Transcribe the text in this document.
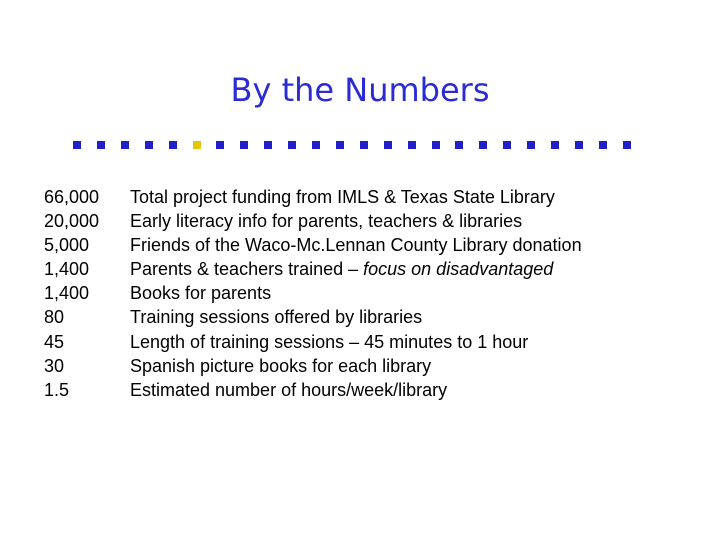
By the Numbers
66,000	Total project funding from IMLS & Texas State Library
20,000	Early literacy info for parents, teachers & libraries
5,000	Friends of the Waco-Mc.Lennan County Library donation
1,400	Parents & teachers trained – focus on disadvantaged
1,400	Books for parents
80	Training sessions offered by libraries
45	Length of training sessions – 45 minutes to 1 hour
30	Spanish picture books for each library
1.5	Estimated number of hours/week/library
